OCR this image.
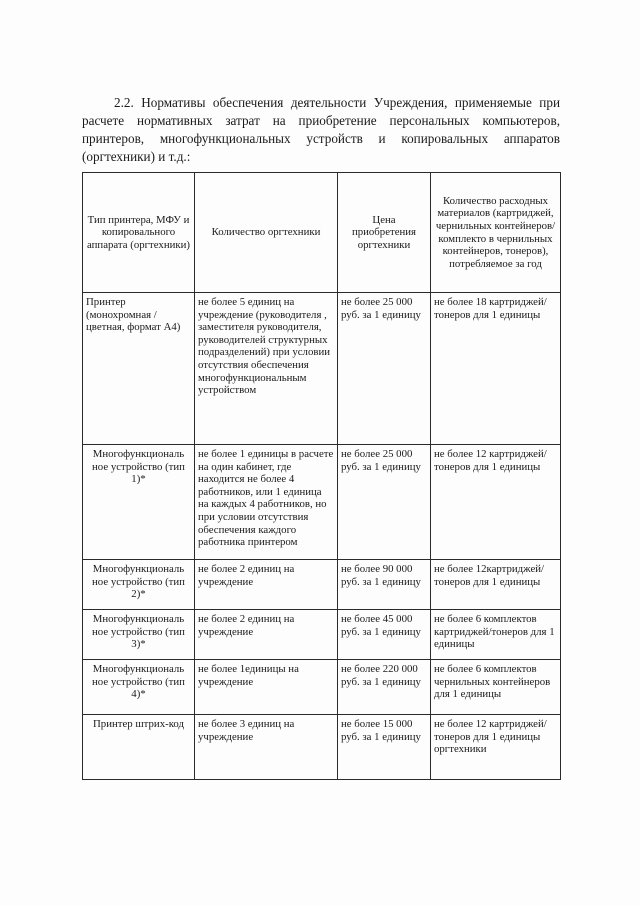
2.2. Нормативы обеспечения деятельности Учреждения, применяемые при расчете нормативных затрат на приобретение персональных компьютеров, принтеров, многофункциональных устройств и копировальных аппаратов (оргтехники) и т.д.:

Тип принтера, МФУ и копировального аппарата (оргтехники)	Количество оргтехники	Цена приобретения оргтехники	Количество расходных материалов (картриджей, чернильных контейнеров/комплекто в чернильных контейнеров, тонеров), потребляемое за год
Принтер (монохромная / цветная, формат А4)	не более 5 единиц на учреждение (руководителя , заместителя руководителя, руководителей структурных подразделений) при условии отсутствия обеспечения многофункциональным устройством	не более 25 000 руб. за 1 единицу	не более 18 картриджей/тонеров для 1 единицы
Многофункциональ ное устройство (тип 1)*	не более 1 единицы в расчете на один кабинет, где находится не более 4 работников, или 1 единица на каждых 4 работников, но при условии отсутствия обеспечения каждого работника принтером	не более 25 000 руб. за 1 единицу	не более 12 картриджей/тонеров для 1 единицы
Многофункциональ ное устройство (тип 2)*	не более 2 единиц на учреждение	не более 90 000 руб. за 1 единицу	не более 12картриджей/тонеров для 1 единицы
Многофункциональ ное устройство (тип 3)*	не более 2 единиц на учреждение	не более 45 000 руб. за 1 единицу	не более 6 комплектов картриджей/тонеров для 1 единицы
Многофункциональ ное устройство (тип 4)*	не более 1единицы на учреждение	не более 220 000 руб. за 1 единицу	не более 6 комплектов чернильных контейнеров для 1 единицы
Принтер штрих-код	не более 3 единиц на учреждение	не более 15 000 руб. за 1 единицу	не более 12 картриджей/тонеров для 1 единицы оргтехники
